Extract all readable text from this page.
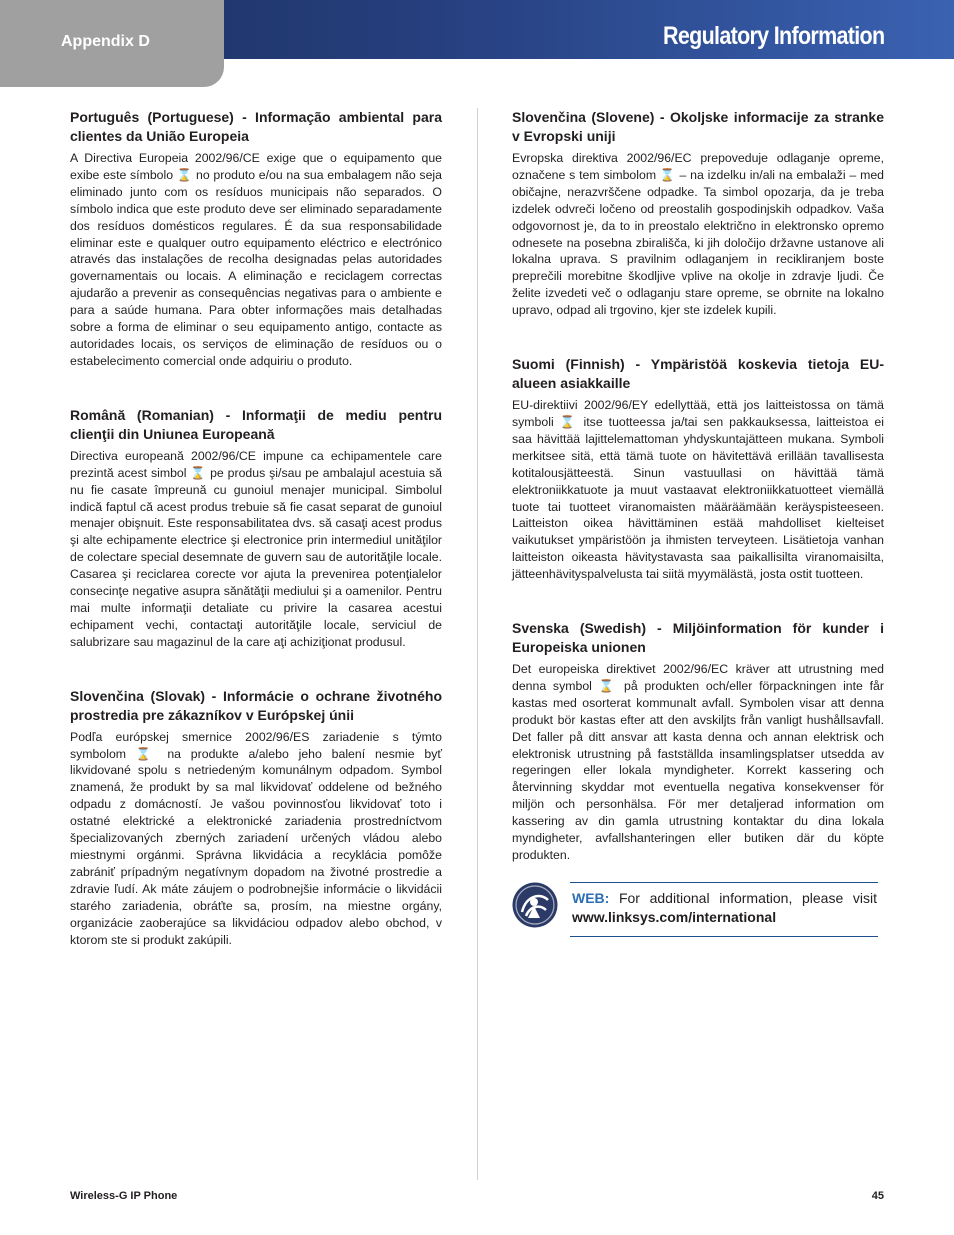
Appendix D	Regulatory Information
Português (Portuguese) - Informação ambiental para clientes da União Europeia

A Directiva Europeia 2002/96/CE exige que o equipamento que exibe este símbolo ⌛ no produto e/ou na sua embalagem não seja eliminado junto com os resíduos municipais não separados. O símbolo indica que este produto deve ser eliminado separadamente dos resíduos domésticos regulares. É da sua responsabilidade eliminar este e qualquer outro equipamento eléctrico e electrónico através das instalações de recolha designadas pelas autoridades governamentais ou locais. A eliminação e reciclagem correctas ajudarão a prevenir as consequências negativas para o ambiente e para a saúde humana. Para obter informações mais detalhadas sobre a forma de eliminar o seu equipamento antigo, contacte as autoridades locais, os serviços de eliminação de resíduos ou o estabelecimento comercial onde adquiriu o produto.

Română (Romanian) - Informaţii de mediu pentru clienţii din Uniunea Europeană

Directiva europeană 2002/96/CE impune ca echipamentele care prezintă acest simbol ⌛ pe produs şi/sau pe ambalajul acestuia să nu fie casate împreună cu gunoiul menajer municipal. Simbolul indică faptul că acest produs trebuie să fie casat separat de gunoiul menajer obişnuit. Este responsabilitatea dvs. să casaţi acest produs şi alte echipamente electrice şi electronice prin intermediul unităţilor de colectare special desemnate de guvern sau de autorităţile locale. Casarea şi reciclarea corecte vor ajuta la prevenirea potenţialelor consecinţe negative asupra sănătăţii mediului şi a oamenilor. Pentru mai multe informaţii detaliate cu privire la casarea acestui echipament vechi, contactaţi autorităţile locale, serviciul de salubrizare sau magazinul de la care aţi achiziţionat produsul.

Slovenčina (Slovak) - Informácie o ochrane životného prostredia pre zákazníkov v Európskej únii

Podľa európskej smernice 2002/96/ES zariadenie s týmto symbolom ⌛ na produkte a/alebo jeho balení nesmie byť likvidované spolu s netriedeným komunálnym odpadom. Symbol znamená, že produkt by sa mal likvidovať oddelene od bežného odpadu z domácností. Je vašou povinnosťou likvidovať toto i ostatné elektrické a elektronické zariadenia prostredníctvom špecializovaných zberných zariadení určených vládou alebo miestnymi orgánmi. Správna likvidácia a recyklácia pomôže zabrániť prípadným negatívnym dopadom na životné prostredie a zdravie ľudí. Ak máte záujem o podrobnejšie informácie o likvidácii starého zariadenia, obráťte sa, prosím, na miestne orgány, organizácie zaoberajúce sa likvidáciou odpadov alebo obchod, v ktorom ste si produkt zakúpili.

Slovenčina (Slovene) - Okoljske informacije za stranke v Evropski uniji

Evropska direktiva 2002/96/EC prepoveduje odlaganje opreme, označene s tem simbolom ⌛ – na izdelku in/ali na embalaži – med običajne, nerazvrščene odpadke. Ta simbol opozarja, da je treba izdelek odvreči ločeno od preostalih gospodinjskih odpadkov. Vaša odgovornost je, da to in preostalo električno in elektronsko opremo odnesete na posebna zbirališča, ki jih določijo državne ustanove ali lokalna uprava. S pravilnim odlaganjem in recikliranjem boste preprečili morebitne škodljive vplive na okolje in zdravje ljudi. Če želite izvedeti več o odlaganju stare opreme, se obrnite na lokalno upravo, odpad ali trgovino, kjer ste izdelek kupili.

Suomi (Finnish) - Ympäristöä koskevia tietoja EU-alueen asiakkaille

EU-direktiivi 2002/96/EY edellyttää, että jos laitteistossa on tämä symboli ⌛ itse tuotteessa ja/tai sen pakkauksessa, laitteistoa ei saa hävittää lajittelemattoman yhdyskuntajätteen mukana. Symboli merkitsee sitä, että tämä tuote on hävitettävä erillään tavallisesta kotitalousjätteestä. Sinun vastuullasi on hävittää tämä elektroniikkatuote ja muut vastaavat elektroniikkatuotteet viemällä tuote tai tuotteet viranomaisten määräämään keräyspisteeseen. Laitteiston oikea hävittäminen estää mahdolliset kielteiset vaikutukset ympäristöön ja ihmisten terveyteen. Lisätietoja vanhan laitteiston oikeasta hävitystavasta saa paikallisilta viranomaisilta, jätteenhävityspalvelusta tai siitä myymälästä, josta ostit tuotteen.

Svenska (Swedish) - Miljöinformation för kunder i Europeiska unionen

Det europeiska direktivet 2002/96/EC kräver att utrustning med denna symbol ⌛ på produkten och/eller förpackningen inte får kastas med osorterat kommunalt avfall. Symbolen visar att denna produkt bör kastas efter att den avskiljts från vanligt hushållsavfall. Det faller på ditt ansvar att kasta denna och annan elektrisk och elektronisk utrustning på fastställda insamlingsplatser utsedda av regeringen eller lokala myndigheter. Korrekt kassering och återvinning skyddar mot eventuella negativa konsekvenser för miljön och personhälsa. För mer detaljerad information om kassering av din gamla utrustning kontaktar du dina lokala myndigheter, avfallshanteringen eller butiken där du köpte produkten.

WEB: For additional information, please visit www.linksys.com/international
Wireless-G IP Phone	45
